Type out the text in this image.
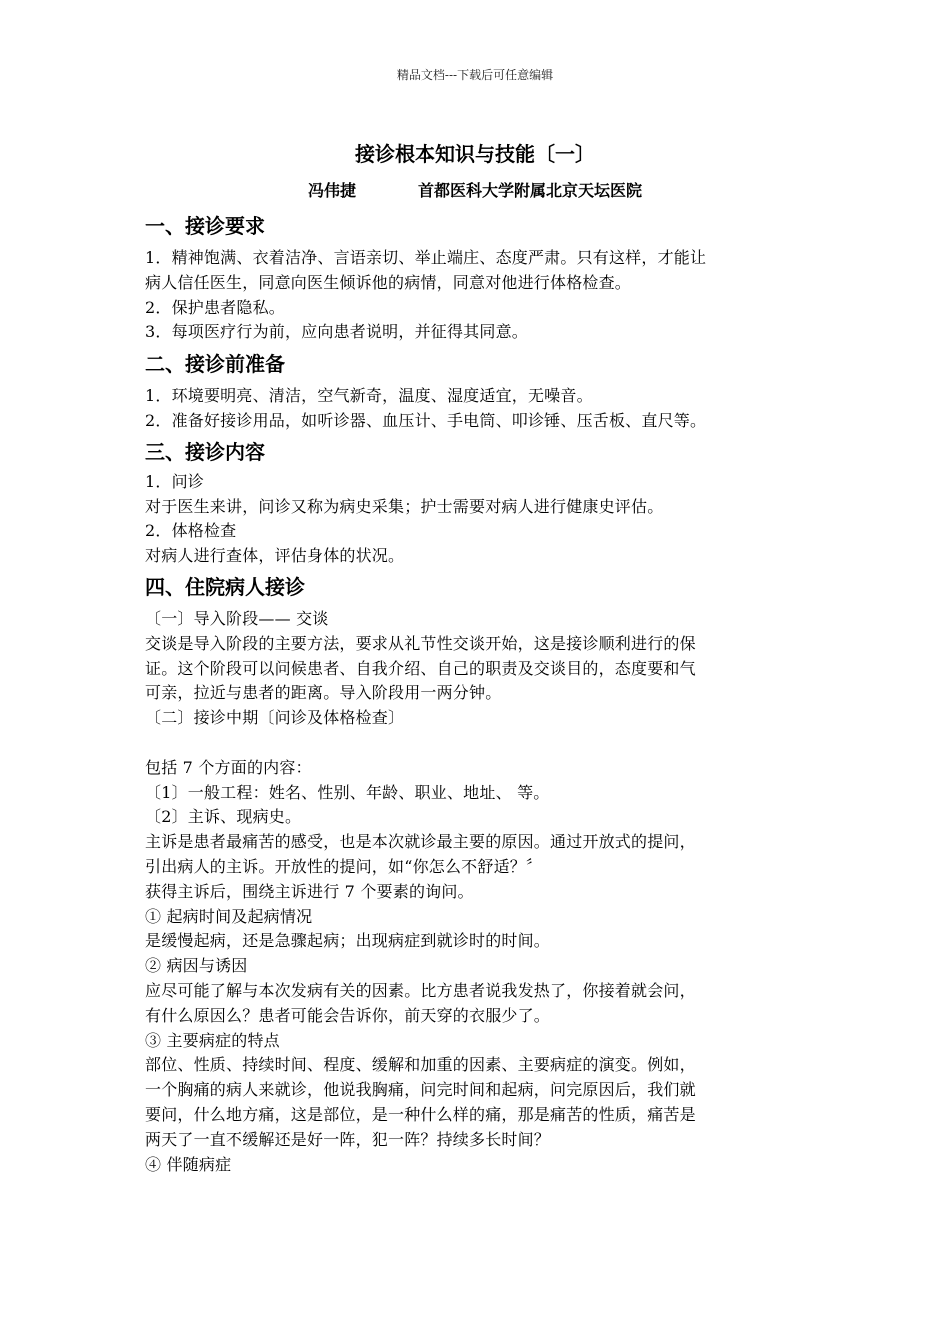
精品文档---下载后可任意编辑
接诊根本知识与技能〔一〕
冯伟捷	首都医科大学附属北京天坛医院
一、接诊要求

1．精神饱满、衣着洁净、言语亲切、举止端庄、态度严肃。只有这样，才能让

病人信任医生，同意向医生倾诉他的病情，同意对他进行体格检查。

2．保护患者隐私。

3．每项医疗行为前，应向患者说明，并征得其同意。

二、接诊前准备

1．环境要明亮、清洁，空气新奇，温度、湿度适宜，无噪音。

2．准备好接诊用品，如听诊器、血压计、手电筒、叩诊锤、压舌板、直尺等。

三、接诊内容

1．问诊

对于医生来讲，问诊又称为病史采集；护士需要对病人进行健康史评估。

2．体格检查

对病人进行查体，评估身体的状况。

四、住院病人接诊

〔一〕导入阶段—— 交谈

交谈是导入阶段的主要方法，要求从礼节性交谈开始，这是接诊顺利进行的保

证。这个阶段可以问候患者、自我介绍、自己的职责及交谈目的，态度要和气

可亲，拉近与患者的距离。导入阶段用一两分钟。

〔二〕接诊中期〔问诊及体格检查〕

包括 7 个方面的内容：

〔1〕一般工程：姓名、性别、年龄、职业、地址、 等。

〔2〕主诉、现病史。

主诉是患者最痛苦的感受，也是本次就诊最主要的原因。通过开放式的提问，

引出病人的主诉。开放性的提问，如“你怎么不舒适？〞

获得主诉后，围绕主诉进行 7 个要素的询问。

① 起病时间及起病情况

是缓慢起病，还是急骤起病；出现病症到就诊时的时间。

② 病因与诱因

应尽可能了解与本次发病有关的因素。比方患者说我发热了，你接着就会问，

有什么原因么？患者可能会告诉你，前天穿的衣服少了。

③ 主要病症的特点

部位、性质、持续时间、程度、缓解和加重的因素、主要病症的演变。例如，

一个胸痛的病人来就诊，他说我胸痛，问完时间和起病，问完原因后，我们就

要问，什么地方痛，这是部位，是一种什么样的痛，那是痛苦的性质，痛苦是

两天了一直不缓解还是好一阵，犯一阵？持续多长时间？

④ 伴随病症
